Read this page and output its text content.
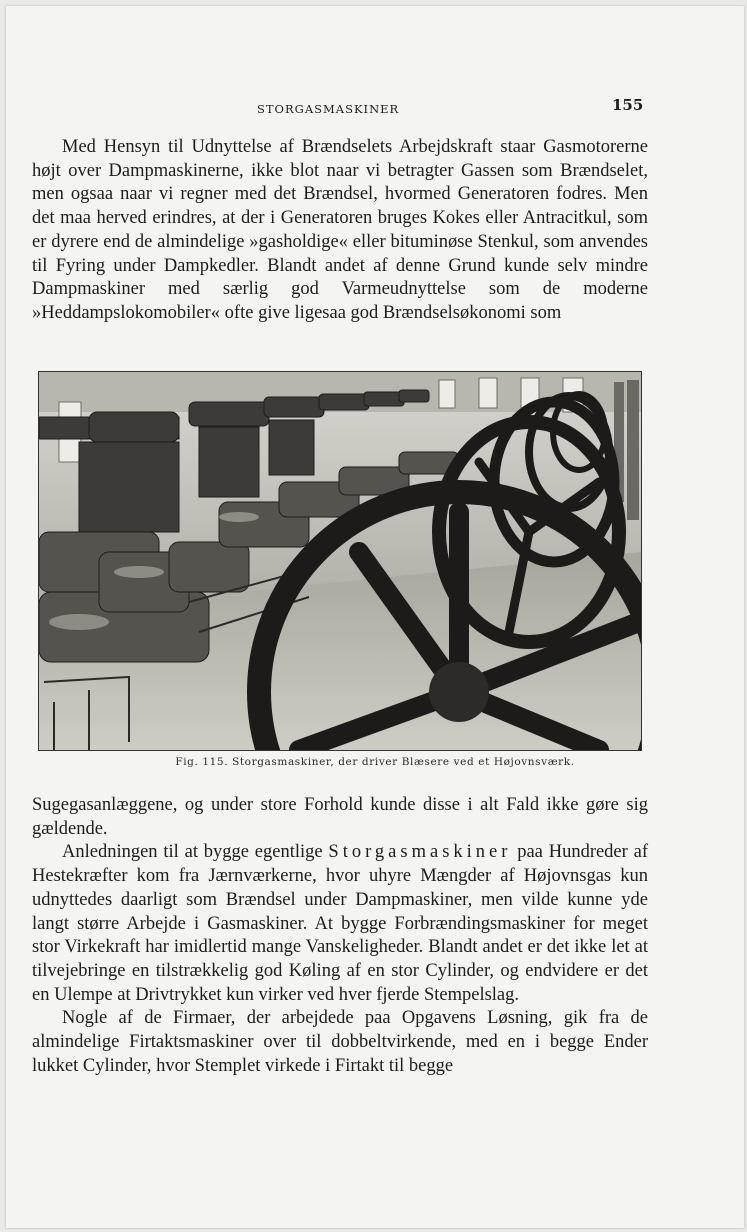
STORGASMASKINER	155

Med Hensyn til Udnyttelse af Brændselets Arbejdskraft staar Gasmotorerne højt over Dampmaskinerne, ikke blot naar vi betragter Gassen som Brændselet, men ogsaa naar vi regner med det Brændsel, hvormed Generatoren fodres. Men det maa herved erindres, at der i Generatoren bruges Kokes eller Antracitkul, som er dyrere end de almindelige »gasholdige« eller bituminøse Stenkul, som anvendes til Fyring under Dampkedler. Blandt andet af denne Grund kunde selv mindre Dampmaskiner med særlig god Varmeudnyttelse som de moderne »Heddampslokomobiler« ofte give ligesaa god Brændselsøkonomi som

Fig. 115. Storgasmaskiner, der driver Blæsere ved et Højovnsværk.

Sugegasanlæggene, og under store Forhold kunde disse i alt Fald ikke gøre sig gældende.

Anledningen til at bygge egentlige Storgasmaskiner paa Hundreder af Hestekræfter kom fra Jærnværkerne, hvor uhyre Mængder af Højovnsgas kun udnyttedes daarligt som Brændsel under Dampmaskiner, men vilde kunne yde langt større Arbejde i Gasmaskiner. At bygge Forbrændingsmaskiner for meget stor Virkekraft har imidlertid mange Vanskeligheder. Blandt andet er det ikke let at tilvejebringe en tilstrækkelig god Køling af en stor Cylinder, og endvidere er det en Ulempe at Drivtrykket kun virker ved hver fjerde Stempelslag.

Nogle af de Firmaer, der arbejdede paa Opgavens Løsning, gik fra de almindelige Firtaktsmaskiner over til dobbeltvirkende, med en i begge Ender lukket Cylinder, hvor Stemplet virkede i Firtakt til begge
